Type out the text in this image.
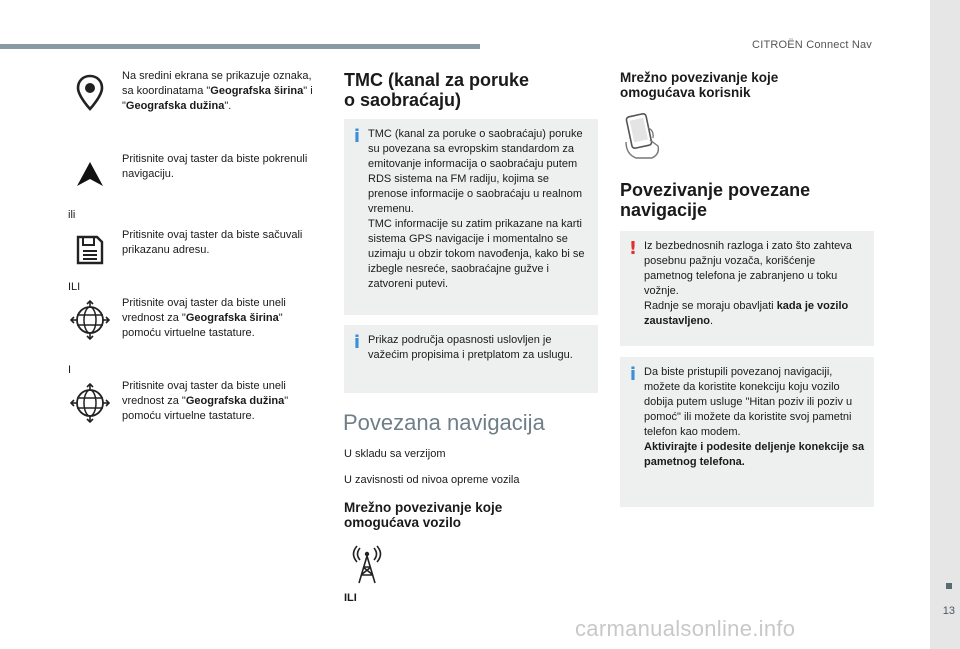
CITROËN Connect Nav
13
carmanualsonline.info
Na sredini ekrana se prikazuje oznaka, sa koordinatama "Geografska širina" i "Geografska dužina".
Pritisnite ovaj taster da biste pokrenuli navigaciju.
ili
Pritisnite ovaj taster da biste sačuvali prikazanu adresu.
ILI
Pritisnite ovaj taster da biste uneli vrednost za "Geografska širina" pomoću virtuelne tastature.
I
Pritisnite ovaj taster da biste uneli vrednost za "Geografska dužina" pomoću virtuelne tastature.
TMC (kanal za poruke
o saobraćaju)
i TMC (kanal za poruke o saobraćaju) poruke su povezana sa evropskim standardom za emitovanje informacija o saobraćaju putem RDS sistema na FM radiju, kojima se prenose informacije o saobraćaju u realnom vremenu.
TMC informacije su zatim prikazane na karti sistema GPS navigacije i momentalno se uzimaju u obzir tokom navođenja, kako bi se izbegle nesreće, saobraćajne gužve i zatvoreni putevi.

i Prikaz područja opasnosti uslovljen je važećim propisima i pretplatom za uslugu.

Povezana navigacija
U skladu sa verzijom
U zavisnosti od nivoa opreme vozila
Mrežno povezivanje koje
omogućava vozilo
ILI
Mrežno povezivanje koje
omogućava korisnik
Povezivanje povezane
navigacije
! Iz bezbednosnih razloga i zato što zahteva posebnu pažnju vozača, korišćenje pametnog telefona je zabranjeno u toku vožnje.
Radnje se moraju obavljati kada je vozilo zaustavljeno.

i Da biste pristupili povezanoj navigaciji, možete da koristite konekciju koju vozilo dobija putem usluge "Hitan poziv ili poziv u pomoć" ili možete da koristite svoj pametni telefon kao modem.
Aktivirajte i podesite deljenje konekcije sa pametnog telefona.
